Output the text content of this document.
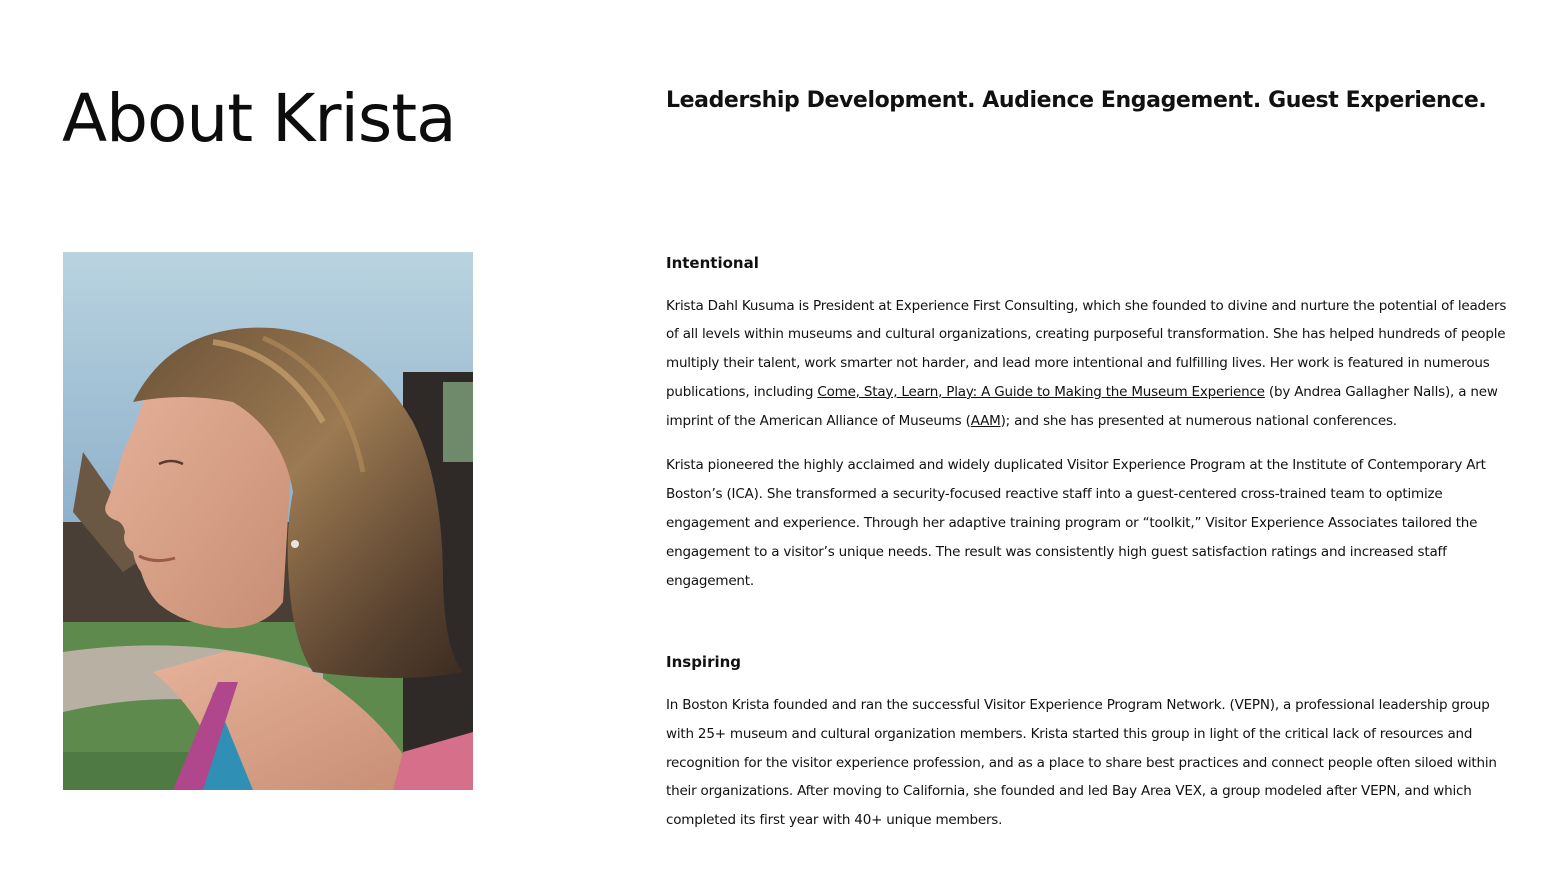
About Krista	Leadership Development. Audience Engagement. Guest Experience.
Intentional

Krista Dahl Kusuma is President at Experience First Consulting, which she founded to divine and nurture the potential of leaders of all levels within museums and cultural organizations, creating purposeful transformation. She has helped hundreds of people multiply their talent, work smarter not harder, and lead more intentional and fulfilling lives. Her work is featured in numerous publications, including Come, Stay, Learn, Play: A Guide to Making the Museum Experience (by Andrea Gallagher Nalls), a new imprint of the American Alliance of Museums (AAM); and she has presented at numerous national conferences.

Krista pioneered the highly acclaimed and widely duplicated Visitor Experience Program at the Institute of Contemporary Art Boston’s (ICA). She transformed a security-focused reactive staff into a guest-centered cross-trained team to optimize engagement and experience. Through her adaptive training program or “toolkit,” Visitor Experience Associates tailored the engagement to a visitor’s unique needs. The result was consistently high guest satisfaction ratings and increased staff engagement.

Inspiring

In Boston Krista founded and ran the successful Visitor Experience Program Network. (VEPN), a professional leadership group with 25+ museum and cultural organization members. Krista started this group in light of the critical lack of resources and recognition for the visitor experience profession, and as a place to share best practices and connect people often siloed within their organizations. After moving to California, she founded and led Bay Area VEX, a group modeled after VEPN, and which completed its first year with 40+ unique members.
